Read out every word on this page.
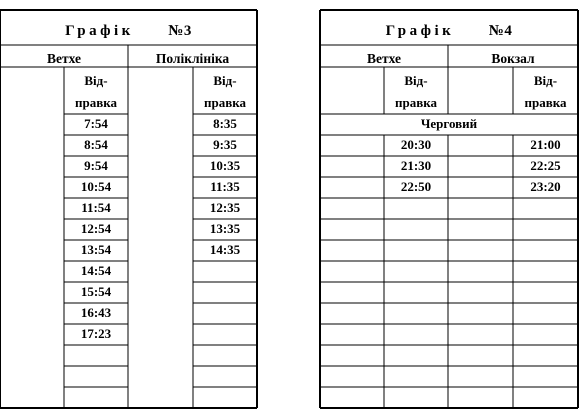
Графік №3
Ветхе	Поліклініка
Від-
правка
Від-
правка
7:54
8:54
9:54
10:54
11:54
12:54
13:54
14:54
15:54
16:43
17:23
8:35
9:35
10:35
11:35
12:35
13:35
14:35
Графік №4
Ветхе	Вокзал
Від-
правка
Від-
правка
Черговий
20:30
21:30
22:50
21:00
22:25
23:20
